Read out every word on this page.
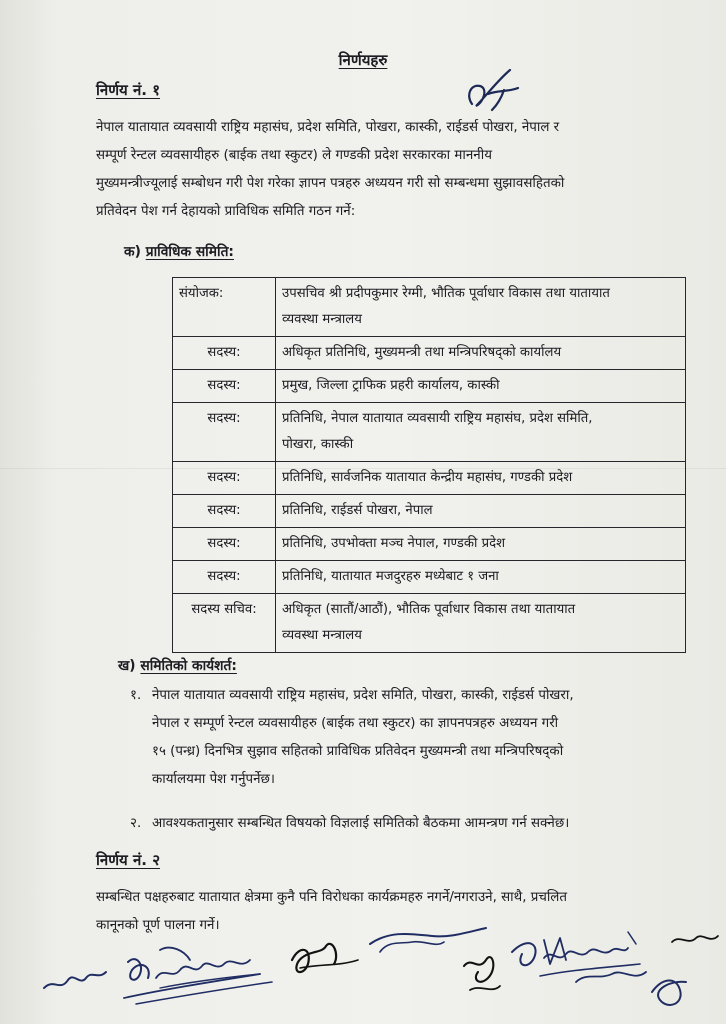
निर्णयहरु
निर्णय नं. १
नेपाल यातायात व्यवसायी राष्ट्रिय महासंघ, प्रदेश समिति, पोखरा, कास्की, राईडर्स पोखरा, नेपाल र
सम्पूर्ण रेन्टल व्यवसायीहरु (बाईक तथा स्कुटर) ले गण्डकी प्रदेश सरकारका माननीय
मुख्यमन्त्रीज्यूलाई सम्बोधन गरी पेश गरेका ज्ञापन पत्रहरु अध्ययन गरी सो सम्बन्धमा सुझावसहितको
प्रतिवेदन पेश गर्न देहायको प्राविधिक समिति गठन गर्ने:
क) प्राविधिक समिति:
संयोजक:	उपसचिव श्री प्रदीपकुमार रेग्मी, भौतिक पूर्वाधार विकास तथा यातायात
व्यवस्था मन्त्रालय

सदस्य:	अधिकृत प्रतिनिधि, मुख्यमन्त्री तथा मन्त्रिपरिषद्को कार्यालय

सदस्य:	प्रमुख, जिल्ला ट्राफिक प्रहरी कार्यालय, कास्की

सदस्य:	प्रतिनिधि, नेपाल यातायात व्यवसायी राष्ट्रिय महासंघ, प्रदेश समिति,
पोखरा, कास्की

सदस्य:	प्रतिनिधि, सार्वजनिक यातायात केन्द्रीय महासंघ, गण्डकी प्रदेश

सदस्य:	प्रतिनिधि, राईडर्स पोखरा, नेपाल

सदस्य:	प्रतिनिधि, उपभोक्ता मञ्च नेपाल, गण्डकी प्रदेश

सदस्य:	प्रतिनिधि, यातायात मजदुरहरु मध्येबाट १ जना

सदस्य सचिव:	अधिकृत (सातौं/आठौं), भौतिक पूर्वाधार विकास तथा यातायात
व्यवस्था मन्त्रालय
ख) समितिको कार्यशर्त:
१. नेपाल यातायात व्यवसायी राष्ट्रिय महासंघ, प्रदेश समिति, पोखरा, कास्की, राईडर्स पोखरा,
नेपाल र सम्पूर्ण रेन्टल व्यवसायीहरु (बाईक तथा स्कुटर) का ज्ञापनपत्रहरु अध्ययन गरी
१५ (पन्ध्र) दिनभित्र सुझाव सहितको प्राविधिक प्रतिवेदन मुख्यमन्त्री तथा मन्त्रिपरिषद्को
कार्यालयमा पेश गर्नुपर्नेछ।
२. आवश्यकतानुसार सम्बन्धित विषयको विज्ञलाई समितिको बैठकमा आमन्त्रण गर्न सक्नेछ।
निर्णय नं. २
सम्बन्धित पक्षहरुबाट यातायात क्षेत्रमा कुनै पनि विरोधका कार्यक्रमहरु नगर्ने/नगराउने, साथै, प्रचलित
कानूनको पूर्ण पालना गर्ने।
